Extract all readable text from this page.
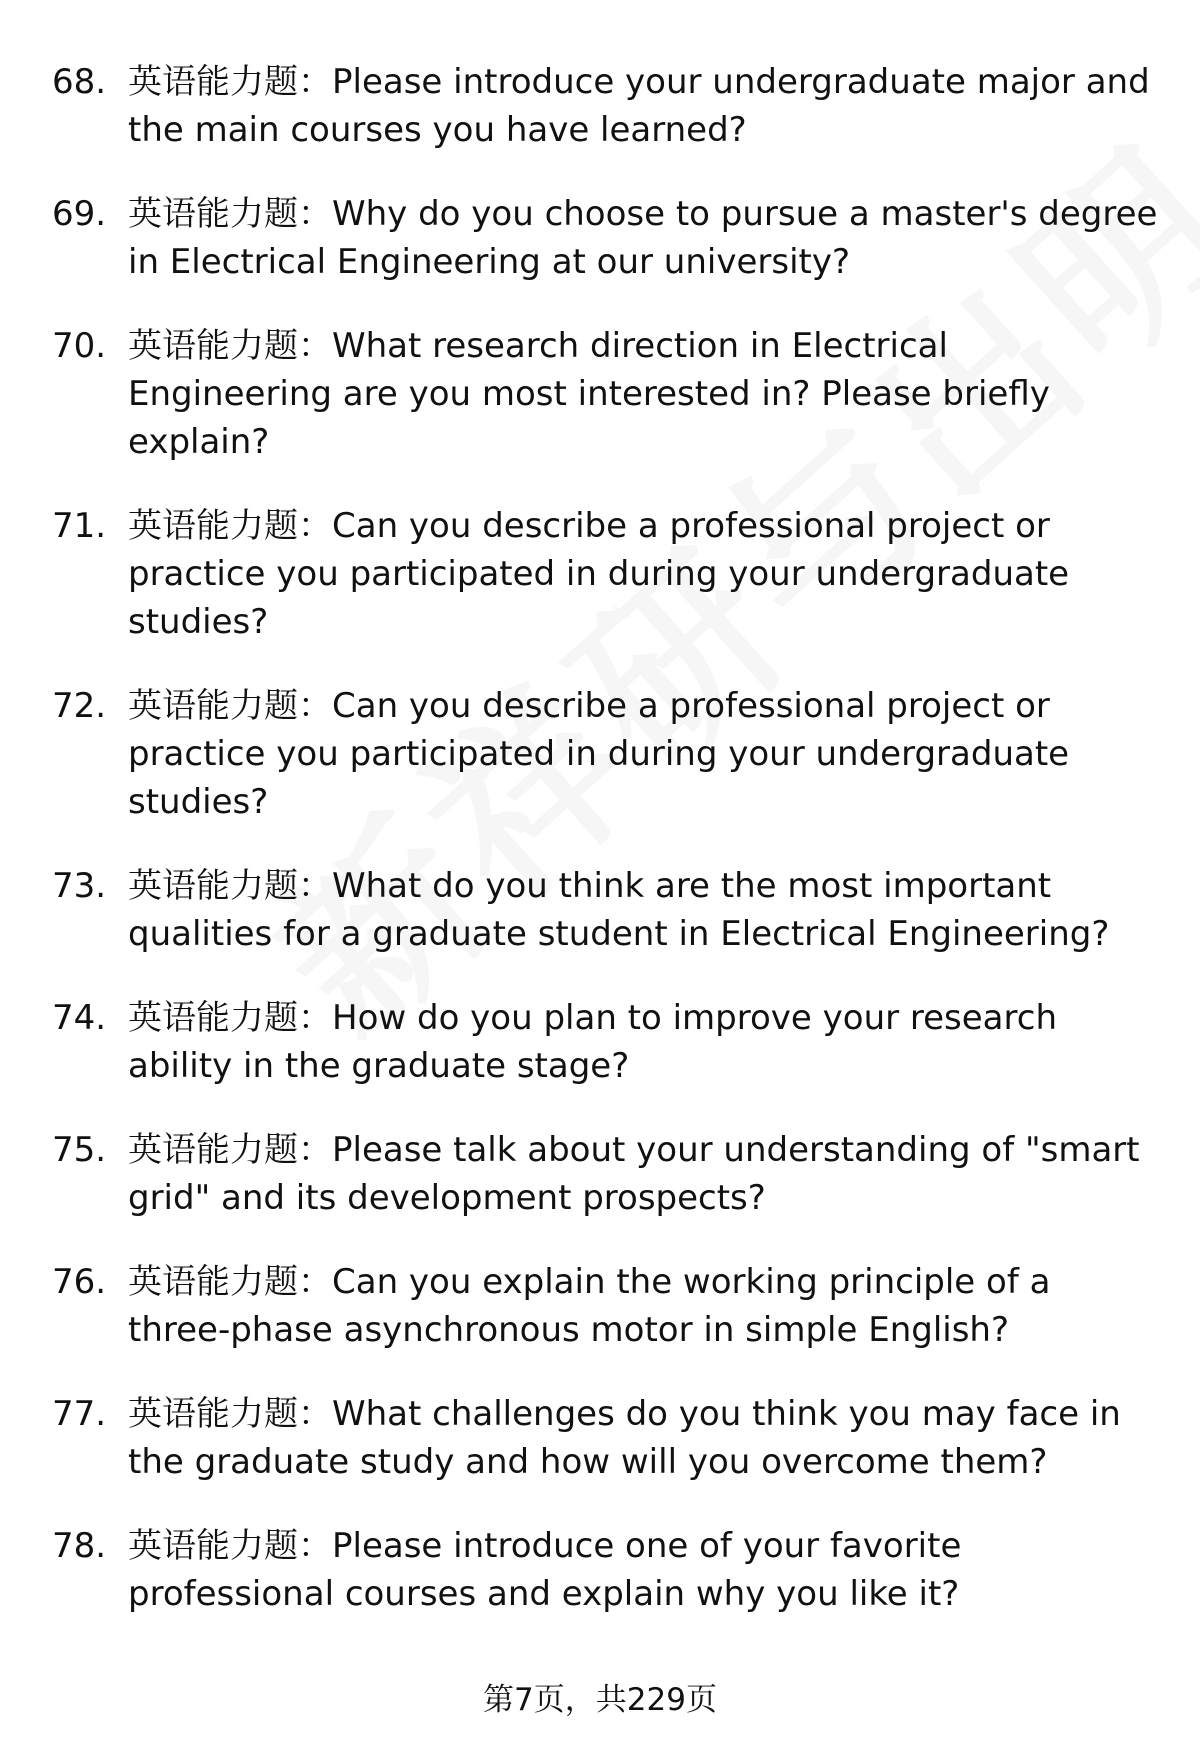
68. 英语能力题：Please introduce your undergraduate major and the main courses you have learned?
69. 英语能力题：Why do you choose to pursue a master's degree in Electrical Engineering at our university?
70. 英语能力题：What research direction in Electrical Engineering are you most interested in? Please briefly explain?
71. 英语能力题：Can you describe a professional project or practice you participated in during your undergraduate studies?
72. 英语能力题：Can you describe a professional project or practice you participated in during your undergraduate studies?
73. 英语能力题：What do you think are the most important qualities for a graduate student in Electrical Engineering?
74. 英语能力题：How do you plan to improve your research ability in the graduate stage?
75. 英语能力题：Please talk about your understanding of "smart grid" and its development prospects?
76. 英语能力题：Can you explain the working principle of a three-phase asynchronous motor in simple English?
77. 英语能力题：What challenges do you think you may face in the graduate study and how will you overcome them?
78. 英语能力题：Please introduce one of your favorite professional courses and explain why you like it?
第7页，共229页
